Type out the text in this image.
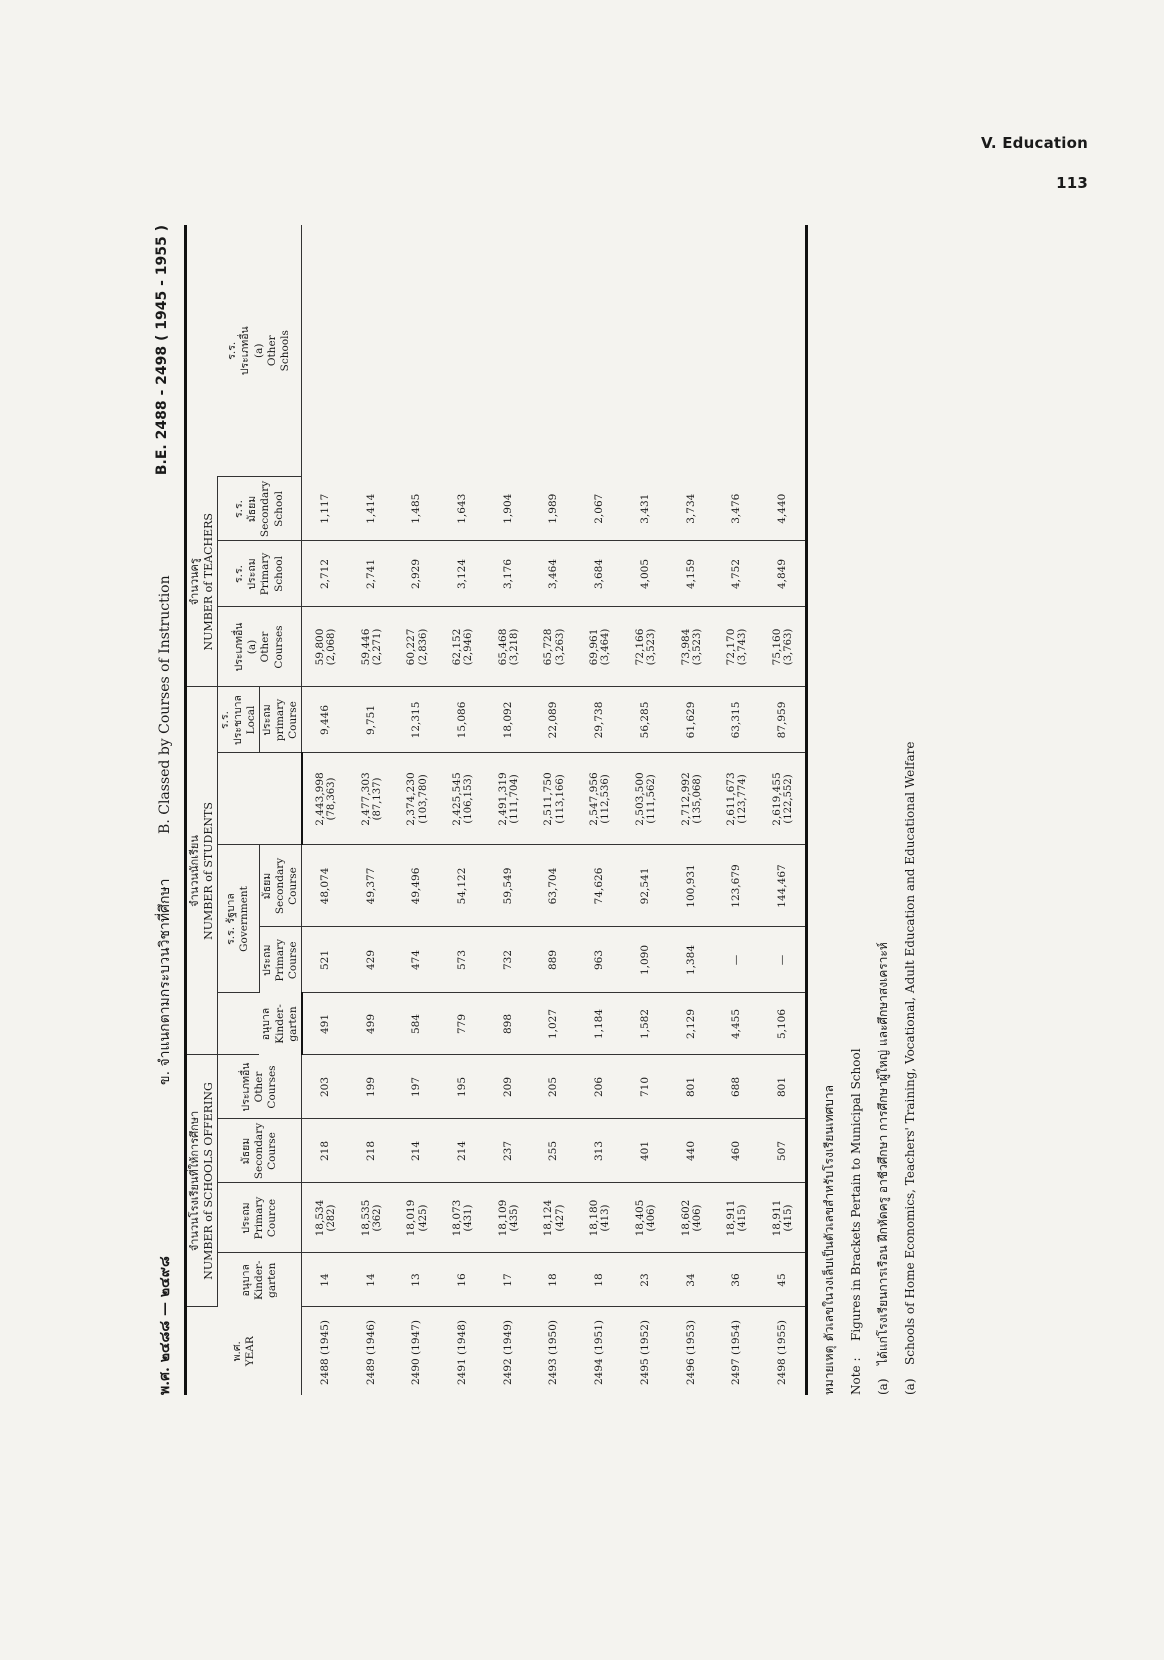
V. Education
113
พ.ศ. ๒๔๘๘ — ๒๔๙๘
ข. จำแนกตามกระบวนวิชาที่ศึกษา          B. Classed by Courses of Instruction
B.E. 2488 - 2498 ( 1945 - 1955 )
พ.ศ. YEAR	จำนวนโรงเรียนที่ให้การศึกษา NUMBER of SCHOOLS OFFERING				จำนวนนักเรียน NUMBER of STUDENTS					จำนวนครู NUMBER of TEACHERS			

	อนุบาล Kinder- garten	ประถม Primary Cource	มัธยม Secondary Course	ประเภทอื่น Other Courses		ร.ร. รัฐบาล Government			ร.ร. ประชาบาล Local	ประเภทอื่น (a) Other Courses	ร.ร. ประถม Primary School	ร.ร. มัธยม Secondary School	ร.ร. ประเภทอื่น (a) Other Schools

						ประถม Primary Course	มัธยม Secondary Course		ประถม primary Course				

					อนุบาล Kinder- garten								

2488 (1945)	14	18,534 (282)	218	203	491	521	48,074	2,443,998 (78,363)	9,446	59,800 (2,068)	2,712	1,117	

2489 (1946)	14	18,535 (362)	218	199	499	429	49,377	2,477,303 (87,137)	9,751	59,446 (2,271)	2,741	1,414	

2490 (1947)	13	18,019 (425)	214	197	584	474	49,496	2,374,230 (103,780)	12,315	60,227 (2,836)	2,929	1,485	

2491 (1948)	16	18,073 (431)	214	195	779	573	54,122	2,425,545 (106,153)	15,086	62,152 (2,946)	3,124	1,643	

2492 (1949)	17	18,109 (435)	237	209	898	732	59,549	2,491,319 (111,704)	18,092	65,468 (3,218)	3,176	1,904	

2493 (1950)	18	18,124 (427)	255	205	1,027	889	63,704	2,511,750 (113,166)	22,089	65,728 (3,263)	3,464	1,989	

2494 (1951)	18	18,180 (413)	313	206	1,184	963	74,626	2,547,956 (112,536)	29,738	69,961 (3,464)	3,684	2,067	

2495 (1952)	23	18,405 (406)	401	710	1,582	1,090	92,541	2,503,500 (111,562)	56,285	72,166 (3,523)	4,005	3,431	

2496 (1953)	34	18,602 (406)	440	801	2,129	1,384	100,931	2,712,992 (135,068)	61,629	73,984 (3,523)	4,159	3,734	

2497 (1954)	36	18,911 (415)	460	688	4,455	—	123,679	2,611,673 (123,774)	63,315	72,170 (3,743)	4,752	3,476	

2498 (1955)	45	18,911 (415)	507	801	5,106	—	144,467	2,619,455 (122,552)	87,959	75,160 (3,763)	4,849	4,440	
หมายเหตุ :
ตัวเลขในวงเล็บเป็นตัวเลขสำหรับโรงเรียนเทศบาล
Note :
Figures in Brackets Pertain to Municipal School
(a)
ได้แก่โรงเรียนการเรือน ฝึกหัดครู อาชีวศึกษา การศึกษาผู้ใหญ่ และศึกษาสงเคราะห์
(a)
Schools of Home Economics, Teachers' Training, Vocational, Adult Education and Educational Welfare
